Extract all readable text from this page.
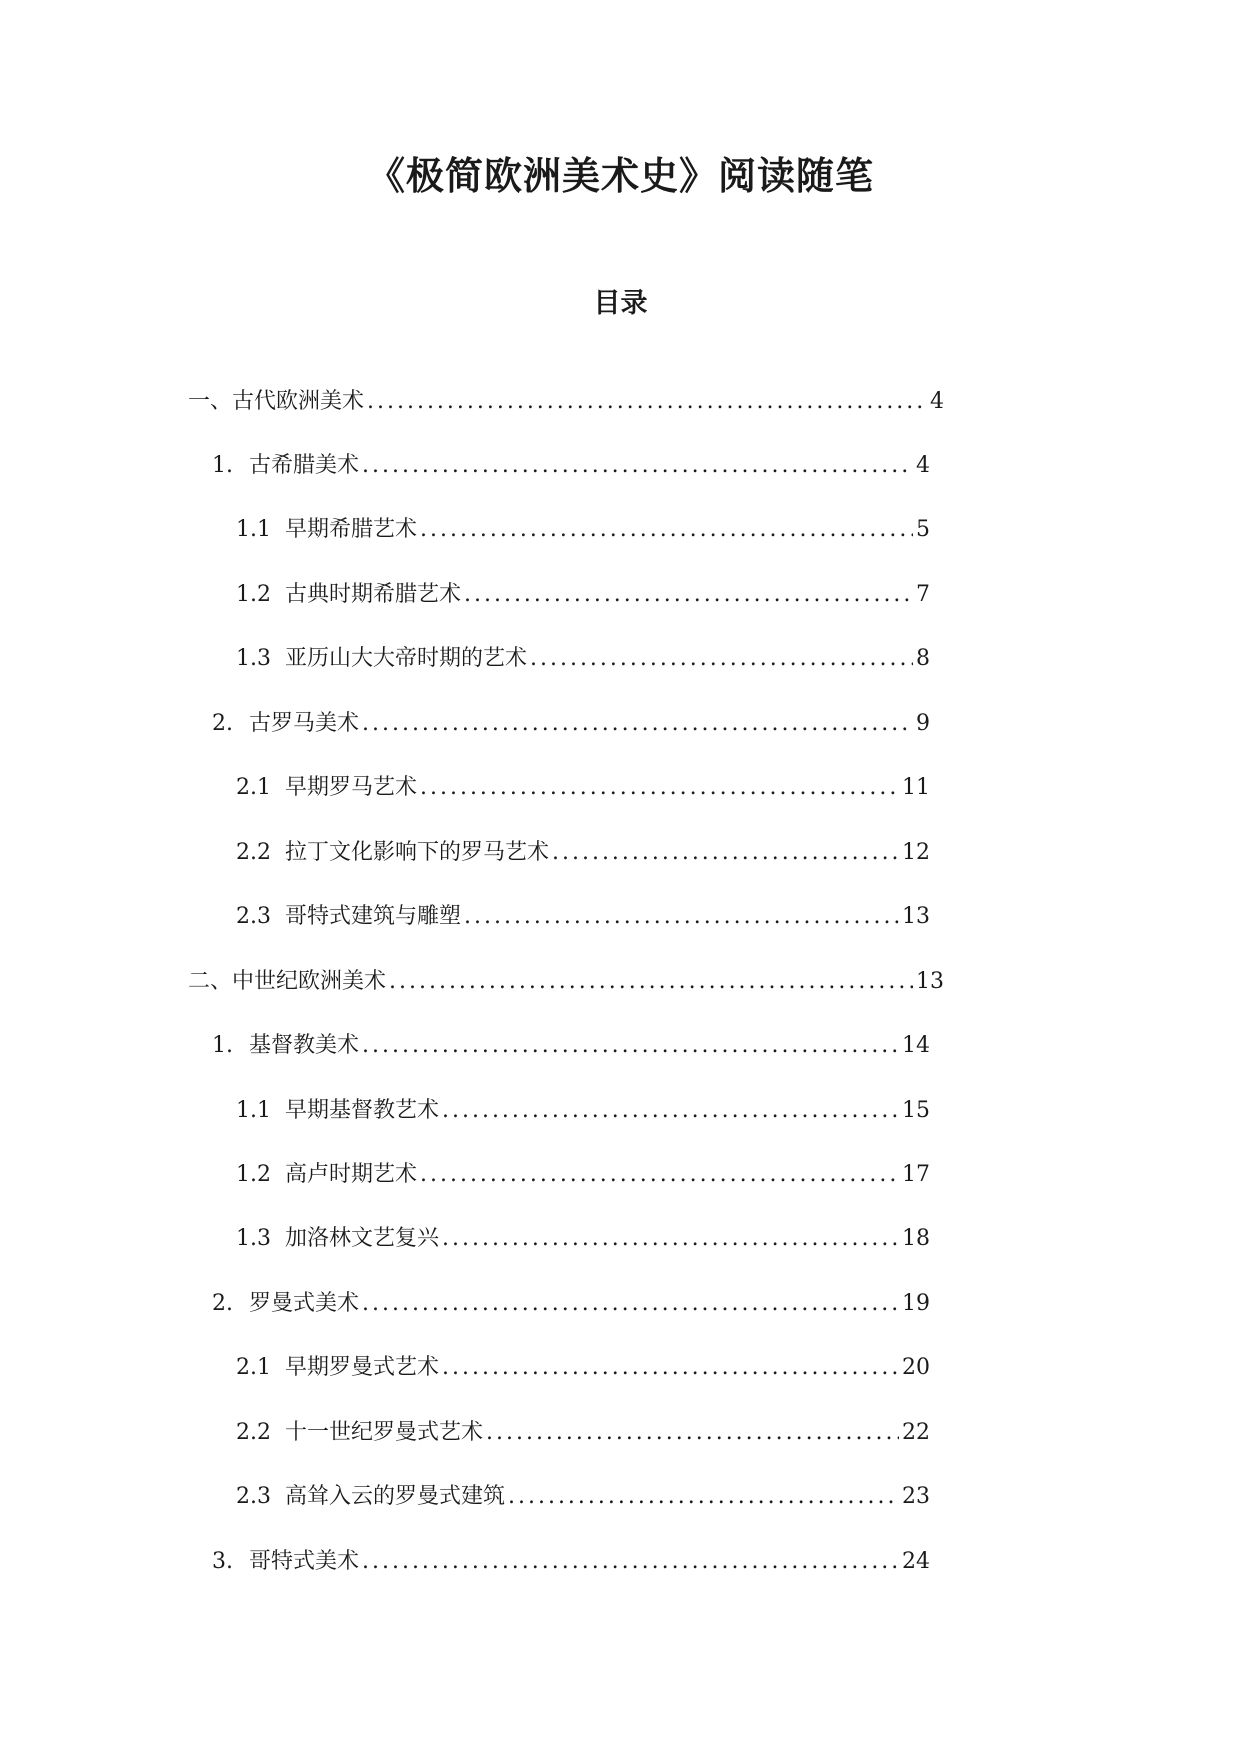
《极简欧洲美术史》阅读随笔
目录
一、 古代欧洲美术 . . .	4
1. 古希腊美术 . . .	4
1.1 早期希腊艺术 . . .	5
1.2 古典时期希腊艺术 . . .	7
1.3 亚历山大大帝时期的艺术 . . .	8
2. 古罗马美术 . . .	9
2.1 早期罗马艺术 . . .	11
2.2 拉丁文化影响下的罗马艺术 . . .	12
2.3 哥特式建筑与雕塑 . . .	13
二、 中世纪欧洲美术 . . .	13
1. 基督教美术 . . .	14
1.1 早期基督教艺术 . . .	15
1.2 高卢时期艺术 . . .	17
1.3 加洛林文艺复兴 . . .	18
2. 罗曼式美术 . . .	19
2.1 早期罗曼式艺术 . . .	20
2.2 十一世纪罗曼式艺术 . . .	22
2.3 高耸入云的罗曼式建筑 . . .	23
3. 哥特式美术 . . .	24
